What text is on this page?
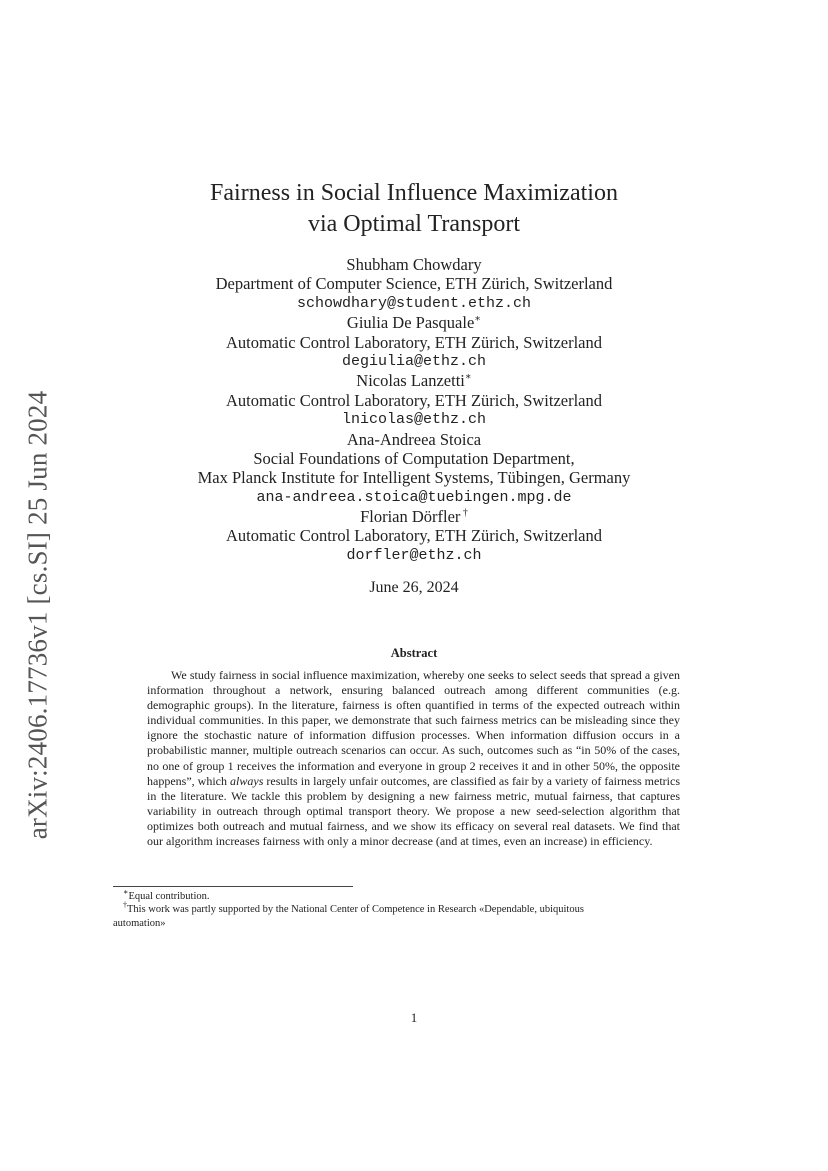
arXiv:2406.17736v1 [cs.SI] 25 Jun 2024
Fairness in Social Influence Maximization
via Optimal Transport
Shubham Chowdary
Department of Computer Science, ETH Zürich, Switzerland
schowdhary@student.ethz.ch
Giulia De Pasquale∗
Automatic Control Laboratory, ETH Zürich, Switzerland
degiulia@ethz.ch
Nicolas Lanzetti∗
Automatic Control Laboratory, ETH Zürich, Switzerland
lnicolas@ethz.ch
Ana-Andreea Stoica
Social Foundations of Computation Department,
Max Planck Institute for Intelligent Systems, Tübingen, Germany
ana-andreea.stoica@tuebingen.mpg.de
Florian Dörfler †
Automatic Control Laboratory, ETH Zürich, Switzerland
dorfler@ethz.ch
June 26, 2024
Abstract
We study fairness in social influence maximization, whereby one seeks to select seeds that spread a given information throughout a network, ensuring balanced outreach among different communities (e.g. demographic groups). In the literature, fairness is often quantified in terms of the expected outreach within individual communities. In this paper, we demonstrate that such fairness metrics can be misleading since they ignore the stochastic nature of information diffusion processes. When information diffusion occurs in a probabilistic manner, multiple outreach scenarios can occur. As such, outcomes such as “in 50% of the cases, no one of group 1 receives the information and everyone in group 2 receives it and in other 50%, the opposite happens”, which always results in largely unfair outcomes, are classified as fair by a variety of fairness metrics in the literature. We tackle this problem by designing a new fairness metric, mutual fairness, that captures variability in outreach through optimal transport theory. We propose a new seed-selection algorithm that optimizes both outreach and mutual fairness, and we show its efficacy on several real datasets. We find that our algorithm increases fairness with only a minor decrease (and at times, even an increase) in efficiency.
∗Equal contribution.
†This work was partly supported by the National Center of Competence in Research «Dependable, ubiquitous
automation»
1
